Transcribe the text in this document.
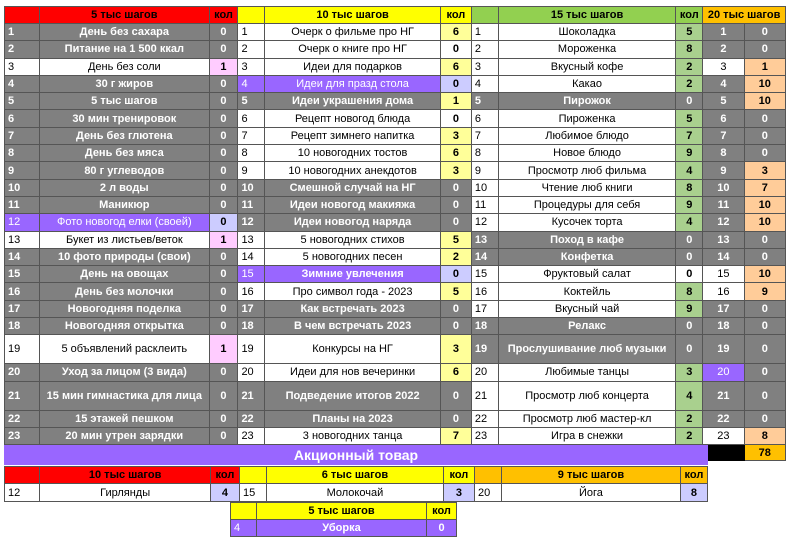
	5 тыс шагов	кол		10 тыс шагов	кол		15 тыс шагов	кол	20 тыс шагов	
1	День без сахара	0	1	Очерк о фильме про НГ	6	1	Шоколадка	5	1	0
2	Питание на 1 500 ккал	0	2	Очерк о книге про НГ	0	2	Мороженка	8	2	0
3	День без соли	1	3	Идеи для подарков	6	3	Вкусный кофе	2	3	1
4	30 г жиров	0	4	Идеи для празд стола	0	4	Какао	2	4	10
5	5 тыс шагов	0	5	Идеи украшения дома	1	5	Пирожок	0	5	10
6	30 мин тренировок	0	6	Рецепт новогод блюда	0	6	Пироженка	5	6	0
7	День без глютена	0	7	Рецепт зимнего напитка	3	7	Любимое блюдо	7	7	0
8	День без мяса	0	8	10 новогодних тостов	6	8	Новое блюдо	9	8	0
9	80 г углеводов	0	9	10 новогодних анекдотов	3	9	Просмотр люб фильма	4	9	3
10	2 л воды	0	10	Смешной случай на НГ	0	10	Чтение люб книги	8	10	7
11	Маникюр	0	11	Идеи новогод макияжа	0	11	Процедуры для себя	9	11	10
12	Фото новогод елки (своей)	0	12	Идеи новогод наряда	0	12	Кусочек торта	4	12	10
13	Букет из листьев/веток	1	13	5 новогодних стихов	5	13	Поход в кафе	0	13	0
14	10 фото природы (свои)	0	14	5 новогодних песен	2	14	Конфетка	0	14	0
15	День на овощах	0	15	Зимние увлечения	0	15	Фруктовый салат	0	15	10
16	День без молочки	0	16	Про символ года - 2023	5	16	Коктейль	8	16	9
17	Новогодняя поделка	0	17	Как встречать 2023	0	17	Вкусный чай	9	17	0
18	Новогодняя открытка	0	18	В чем встречать 2023	0	18	Релакс	0	18	0
19	5 объявлений расклеить	1	19	Конкурсы на НГ	3	19	Прослушивание люб музыки	0	19	0
20	Уход за лицом (3 вида)	0	20	Идеи для нов вечеринки	6	20	Любимые танцы	3	20	0
21	15 мин гимнастика для лица	0	21	Подведение итогов 2022	0	21	Просмотр люб концерта	4	21	0
22	15 этажей пешком	0	22	Планы на 2023	0	22	Просмотр люб мастер-кл	2	22	0
23	20 мин утрен зарядки	0	23	3 новогодних танца	7	23	Игра в снежки	2	23	8
										78
Акционный товар
	10 тыс шагов	кол		6 тыс шагов	кол		9 тыс шагов	кол
12	Гирлянды	4	15	Молокочай	3	20	Йога	8
	5 тыс шагов	кол
4	Уборка	0
